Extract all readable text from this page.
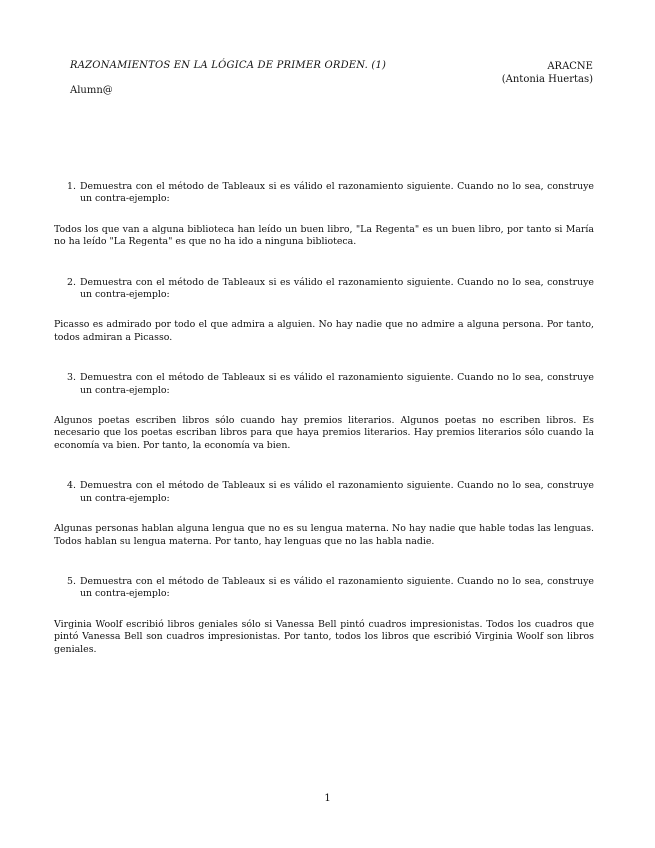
RAZONAMIENTOS EN LA LÓGICA DE PRIMER ORDEN. (1)	ARACNE
(Antonia Huertas)
Alumn@
1. Demuestra con el método de Tableaux si es válido el razonamiento siguiente. Cuando no lo sea, construye un contra-ejemplo:
Todos los que van a alguna biblioteca han leído un buen libro, "La Regenta" es un buen libro, por tanto si María no ha leído "La Regenta" es que no ha ido a ninguna biblioteca.
2. Demuestra con el método de Tableaux si es válido el razonamiento siguiente. Cuando no lo sea, construye un contra-ejemplo:
Picasso es admirado por todo el que admira a alguien. No hay nadie que no admire a alguna persona. Por tanto, todos admiran a Picasso.
3. Demuestra con el método de Tableaux si es válido el razonamiento siguiente. Cuando no lo sea, construye un contra-ejemplo:
Algunos poetas escriben libros sólo cuando hay premios literarios. Algunos poetas no escriben libros. Es necesario que los poetas escriban libros para que haya premios literarios. Hay premios literarios sólo cuando la economía va bien. Por tanto, la economía va bien.
4. Demuestra con el método de Tableaux si es válido el razonamiento siguiente. Cuando no lo sea, construye un contra-ejemplo:
Algunas personas hablan alguna lengua que no es su lengua materna. No hay nadie que hable todas las lenguas. Todos hablan su lengua materna. Por tanto, hay lenguas que no las habla nadie.
5. Demuestra con el método de Tableaux si es válido el razonamiento siguiente. Cuando no lo sea, construye un contra-ejemplo:
Virginia Woolf escribió libros geniales sólo si Vanessa Bell pintó cuadros impresionistas. Todos los cuadros que pintó Vanessa Bell son cuadros impresionistas. Por tanto, todos los libros que escribió Virginia Woolf son libros geniales.
1
